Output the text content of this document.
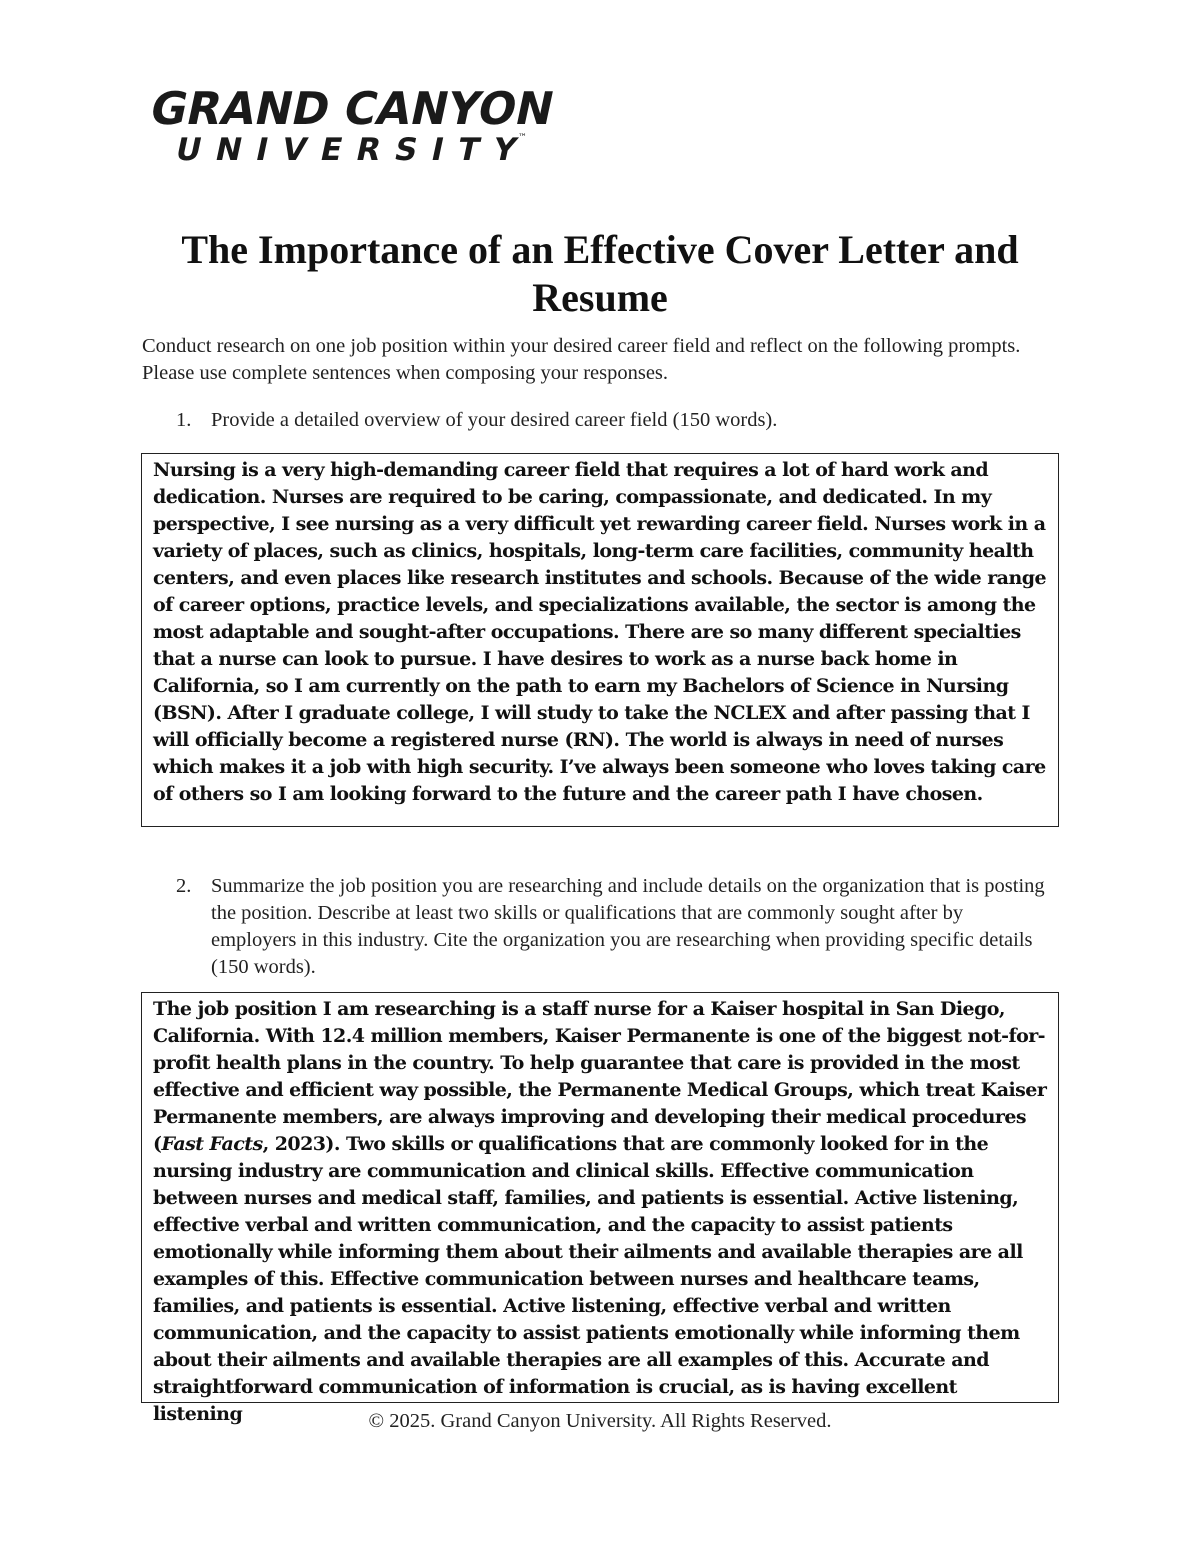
GRAND CANYON
UNIVERSITY
™
The Importance of an Effective Cover Letter and
Resume

Conduct research on one job position within your desired career field and reflect on the following prompts. Please use complete sentences when composing your responses.

1. Provide a detailed overview of your desired career field (150 words).

Nursing is a very high-demanding career field that requires a lot of hard work and dedication. Nurses are required to be caring, compassionate, and dedicated. In my perspective, I see nursing as a very difficult yet rewarding career field. Nurses work in a variety of places, such as clinics, hospitals, long-term care facilities, community health centers, and even places like research institutes and schools. Because of the wide range of career options, practice levels, and specializations available, the sector is among the most adaptable and sought-after occupations. There are so many different specialties that a nurse can look to pursue. I have desires to work as a nurse back home in California, so I am currently on the path to earn my Bachelors of Science in Nursing (BSN). After I graduate college, I will study to take the NCLEX and after passing that I will officially become a registered nurse (RN). The world is always in need of nurses which makes it a job with high security. I’ve always been someone who loves taking care of others so I am looking forward to the future and the career path I have chosen.

2. Summarize the job position you are researching and include details on the organization that is posting the position. Describe at least two skills or qualifications that are commonly sought after by employers in this industry. Cite the organization you are researching when providing specific details (150 words).

The job position I am researching is a staff nurse for a Kaiser hospital in San Diego, California. With 12.4 million members, Kaiser Permanente is one of the biggest not-for-profit health plans in the country. To help guarantee that care is provided in the most effective and efficient way possible, the Permanente Medical Groups, which treat Kaiser Permanente members, are always improving and developing their medical procedures (Fast Facts, 2023). Two skills or qualifications that are commonly looked for in the nursing industry are communication and clinical skills. Effective communication between nurses and medical staff, families, and patients is essential. Active listening, effective verbal and written communication, and the capacity to assist patients emotionally while informing them about their ailments and available therapies are all examples of this. Effective communication between nurses and healthcare teams, families, and patients is essential. Active listening, effective verbal and written communication, and the capacity to assist patients emotionally while informing them about their ailments and available therapies are all examples of this. Accurate and straightforward communication of information is crucial, as is having excellent listening	© 2025. Grand Canyon University. All Rights Reserved.
